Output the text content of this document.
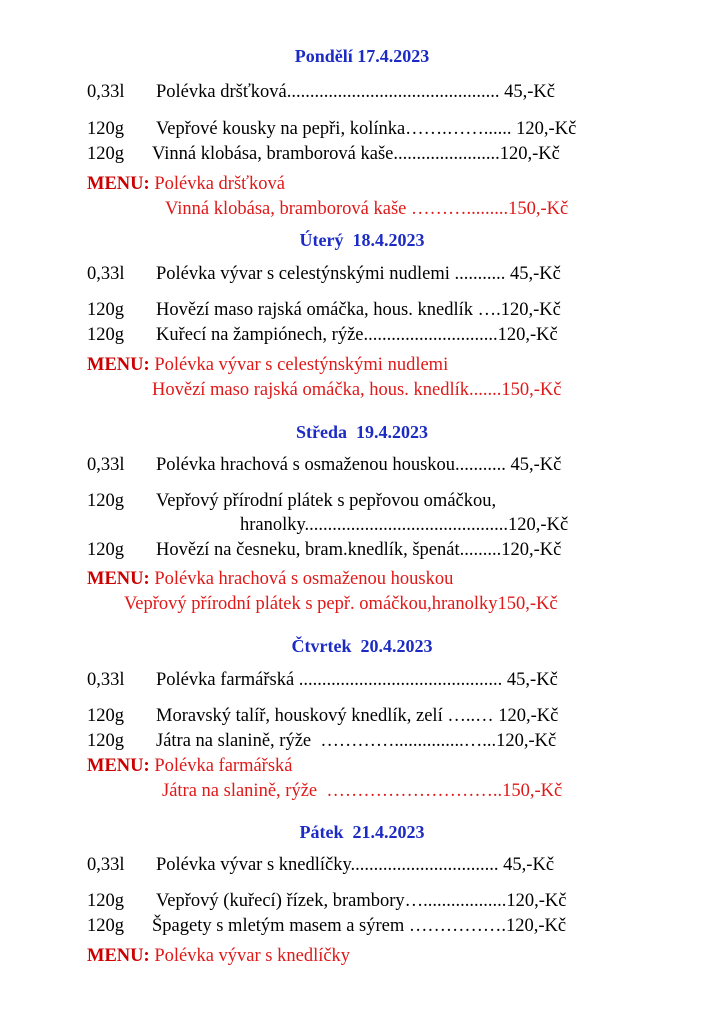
Pondělí 17.4.2023
0,33l Polévka dršťková.............................................. 45,-Kč
120g Vepřové kousky na pepři, kolínka…….……...... 120,-Kč
120g Vinná klobása, bramborová kaše.......................120,-Kč
MENU: Polévka dršťková
Vinná klobása, bramborová kaše ……….........150,-Kč
Úterý  18.4.2023
0,33l Polévka vývar s celestýnskými nudlemi ........... 45,-Kč
120g Hovězí maso rajská omáčka, hous. knedlík ….120,-Kč
120g Kuřecí na žampiónech, rýže.............................120,-Kč
MENU: Polévka vývar s celestýnskými nudlemi
Hovězí maso rajská omáčka, hous. knedlík.......150,-Kč
Středa  19.4.2023
0,33l Polévka hrachová s osmaženou houskou........... 45,-Kč
120g Vepřový přírodní plátek s pepřovou omáčkou,
hranolky............................................120,-Kč
120g Hovězí na česneku, bram.knedlík, špenát.........120,-Kč
MENU: Polévka hrachová s osmaženou houskou
Vepřový přírodní plátek s pepř. omáčkou,hranolky150,-Kč
Čtvrtek  20.4.2023
0,33l Polévka farmářská ............................................ 45,-Kč
120g Moravský talíř, houskový knedlík, zelí …..… 120,-Kč
120g Játra na slanině, rýže  …………...............…...120,-Kč
MENU: Polévka farmářská
Játra na slanině, rýže  ………………………..150,-Kč
Pátek  21.4.2023
0,33l Polévka vývar s knedlíčky................................ 45,-Kč
120g Vepřový (kuřecí) řízek, brambory…..................120,-Kč
120g Špagety s mletým masem a sýrem …………….120,-Kč
MENU: Polévka vývar s knedlíčky
